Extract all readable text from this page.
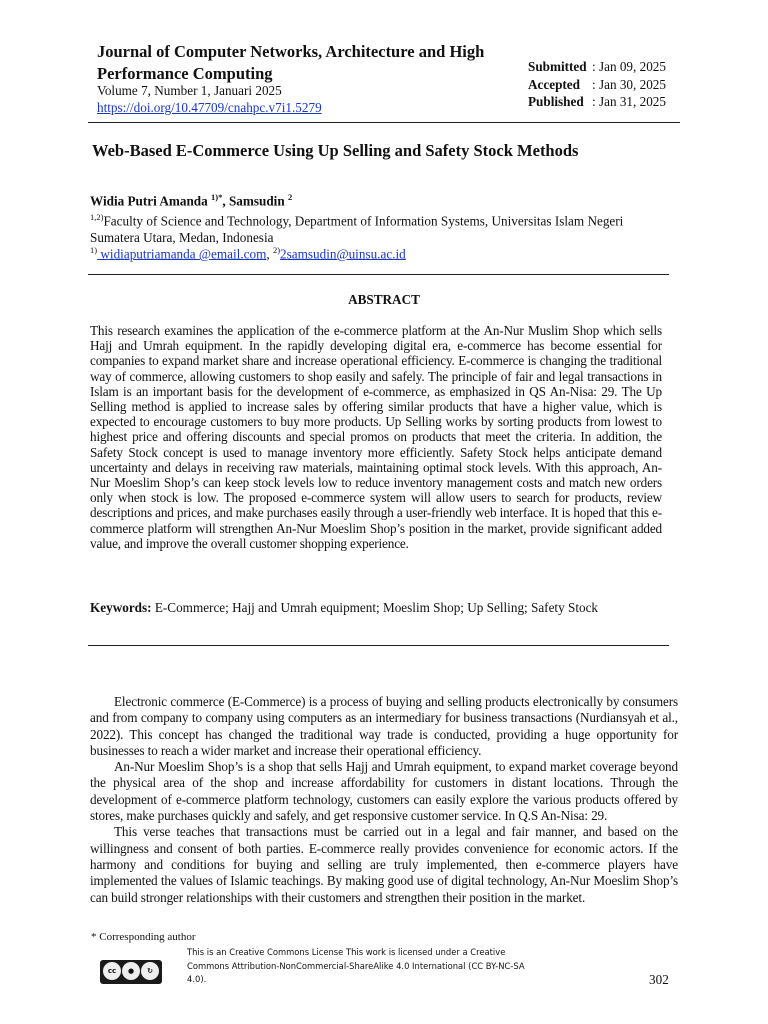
Journal of Computer Networks, Architecture and High Performance Computing
Volume 7, Number 1, Januari 2025
https://doi.org/10.47709/cnahpc.v7i1.5279
Submitted : Jan 09, 2025
Accepted : Jan 30, 2025
Published : Jan 31, 2025
Web-Based E-Commerce Using Up Selling and Safety Stock Methods
Widia Putri Amanda $^{1)*}$, Samsudin $^2$
$^{1,2)}$Faculty of Science and Technology, Department of Information Systems, Universitas Islam Negeri Sumatera Utara, Medan, Indonesia
$^{1)}$ widiaputriamanda @email.com, $^{2)}$2samsudin@uinsu.ac.id
ABSTRACT
This research examines the application of the e-commerce platform at the An-Nur Muslim Shop which sells Hajj and Umrah equipment. In the rapidly developing digital era, e-commerce has become essential for companies to expand market share and increase operational efficiency. E-commerce is changing the traditional way of commerce, allowing customers to shop easily and safely. The principle of fair and legal transactions in Islam is an important basis for the development of e-commerce, as emphasized in QS An-Nisa: 29. The Up Selling method is applied to increase sales by offering similar products that have a higher value, which is expected to encourage customers to buy more products. Up Selling works by sorting products from lowest to highest price and offering discounts and special promos on products that meet the criteria. In addition, the Safety Stock concept is used to manage inventory more efficiently. Safety Stock helps anticipate demand uncertainty and delays in receiving raw materials, maintaining optimal stock levels. With this approach, An-Nur Moeslim Shop’s can keep stock levels low to reduce inventory management costs and match new orders only when stock is low. The proposed e-commerce system will allow users to search for products, review descriptions and prices, and make purchases easily through a user-friendly web interface. It is hoped that this e-commerce platform will strengthen An-Nur Moeslim Shop’s position in the market, provide significant added value, and improve the overall customer shopping experience.
Keywords: E-Commerce; Hajj and Umrah equipment; Moeslim Shop; Up Selling; Safety Stock

Electronic commerce (E-Commerce) is a process of buying and selling products electronically by consumers and from company to company using computers as an intermediary for business transactions (Nurdiansyah et al., 2022). This concept has changed the traditional way trade is conducted, providing a huge opportunity for businesses to reach a wider market and increase their operational efficiency.

An-Nur Moeslim Shop’s is a shop that sells Hajj and Umrah equipment, to expand market coverage beyond the physical area of the shop and increase affordability for customers in distant locations. Through the development of e-commerce platform technology, customers can easily explore the various products offered by stores, make purchases quickly and safely, and get responsive customer service. In Q.S An-Nisa: 29.

This verse teaches that transactions must be carried out in a legal and fair manner, and based on the willingness and consent of both parties. E-commerce really provides convenience for economic actors. If the harmony and conditions for buying and selling are truly implemented, then e-commerce players have implemented the values of Islamic teachings. By making good use of digital technology, An-Nur Moeslim Shop’s can build stronger relationships with their customers and strengthen their position in the market.

* Corresponding author
cc	●	↻
This is an Creative Commons License This work is licensed under a Creative Commons Attribution-NonCommercial-ShareAlike 4.0 International (CC BY-NC-SA 4.0).	302
